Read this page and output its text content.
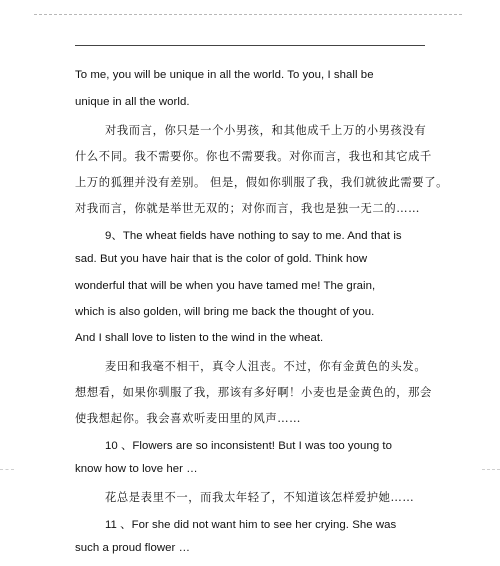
To me, you will be unique in all the world. To you, I shall be

unique in all the world.

对我而言，你只是一个小男孩，和其他成千上万的小男孩没有

什么不同。我不需要你。你也不需要我。对你而言，我也和其它成千

上万的狐狸并没有差别。 但是，假如你驯服了我，我们就彼此需要了。

对我而言，你就是举世无双的；对你而言，我也是独一无二的……

9、The wheat fields have nothing to say to me. And that is

sad. But you have hair that is the color of gold. Think how

wonderful that will be when you have tamed me! The grain,

which is also golden, will bring me back the thought of you.

And I shall love to listen to the wind in the wheat.

麦田和我毫不相干，真令人沮丧。不过，你有金黄色的头发。

想想看，如果你驯服了我，那该有多好啊！小麦也是金黄色的，那会

使我想起你。我会喜欢听麦田里的风声……

10 、Flowers are so inconsistent! But I was too young to

know how to love her …

花总是表里不一，而我太年轻了，不知道该怎样爱护她……

11 、For she did not want him to see her crying. She was

such a proud flower …
